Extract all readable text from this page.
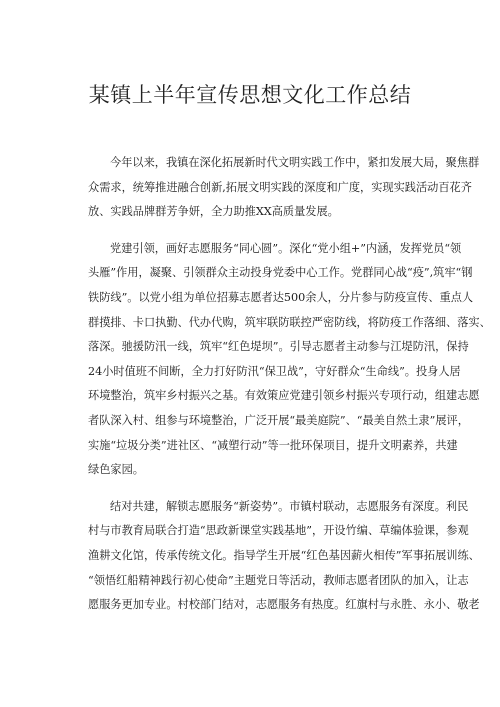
某镇上半年宣传思想文化工作总结

今年以来，我镇在深化拓展新时代文明实践工作中，紧扣发展大局，聚焦群
众需求，统筹推进融合创新,拓展文明实践的深度和广度，实现实践活动百花齐
放、实践品牌群芳争妍，全力助推XX高质量发展。

党建引领，画好志愿服务“同心圆”。深化“党小组+”内涵，发挥党员“领
头雁”作用，凝聚、引领群众主动投身党委中心工作。党群同心战“疫”,筑牢“钢
铁防线”。以党小组为单位招募志愿者达500余人，分片参与防疫宣传、重点人
群摸排、卡口执勤、代办代购，筑牢联防联控严密防线，将防疫工作落细、落实、
落深。驰援防汛一线，筑牢“红色堤坝”。引导志愿者主动参与江堤防汛，保持
24小时值班不间断，全力打好防汛“保卫战”，守好群众“生命线”。投身人居
环境整治，筑牢乡村振兴之基。有效策应党建引领乡村振兴专项行动，组建志愿
者队深入村、组参与环境整治，广泛开展“最美庭院”、“最美自然土隶”展评，
实施“垃圾分类”进社区、“减塑行动”等一批环保项目，提升文明素养，共建
绿色家园。

结对共建，解锁志愿服务“新姿势”。市镇村联动，志愿服务有深度。利民
村与市教育局联合打造“思政新课堂实践基地”，开设竹编、草编体验课，参观
渔耕文化馆，传承传统文化。指导学生开展“红色基因薪火相传”军事拓展训练、
“领悟红船精神践行初心使命”主题党日等活动，教师志愿者团队的加入，让志
愿服务更加专业。村校部门结对，志愿服务有热度。红旗村与永胜、永小、敬老
